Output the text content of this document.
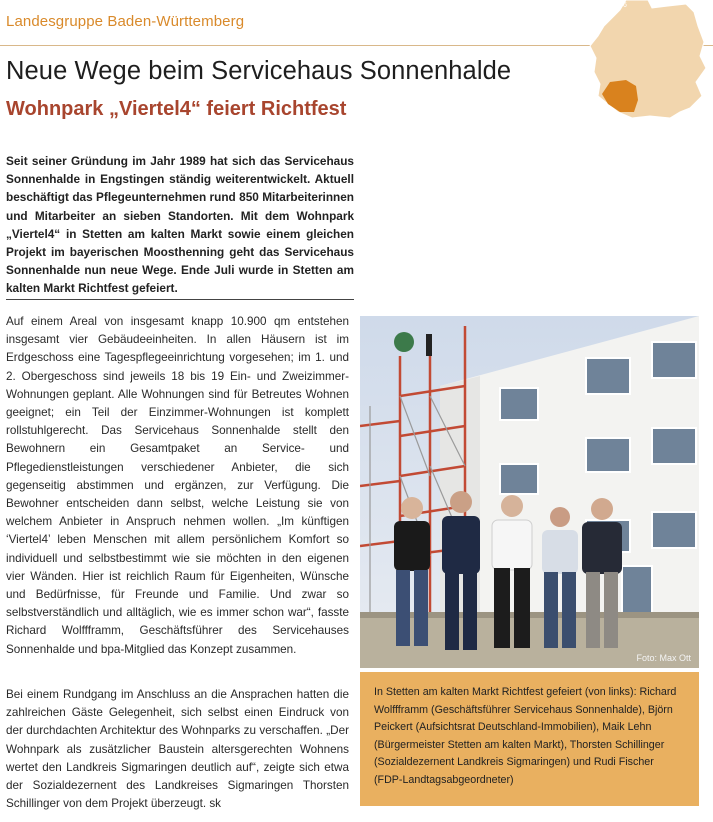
Landesgruppe Baden-Württemberg
6
Neue Wege beim Servicehaus Sonnenhalde
Wohnpark „Viertel4“ feiert Richtfest

Seit seiner Gründung im Jahr 1989 hat sich das Servicehaus Sonnenhalde in Engstingen ständig weiterentwickelt. Aktuell beschäftigt das Pflegeunternehmen rund 850 Mitarbeiterinnen und Mitarbeiter an sieben Standorten. Mit dem Wohnpark „Viertel4“ in Stetten am kalten Markt sowie einem gleichen Projekt im bayerischen Moosthenning geht das Servicehaus Sonnenhalde nun neue Wege. Ende Juli wurde in Stetten am kalten Markt Richtfest gefeiert.

Auf einem Areal von insgesamt knapp 10.900 qm entstehen insgesamt vier Gebäudeeinheiten. In allen Häusern ist im Erdgeschoss eine Tagespflegeeinrichtung vorgesehen; im 1. und 2. Obergeschoss sind jeweils 18 bis 19 Ein- und Zweizimmer-Wohnungen geplant. Alle Wohnungen sind für Betreutes Wohnen geeignet; ein Teil der Einzimmer-Wohnungen ist komplett rollstuhlgerecht. Das Servicehaus Sonnenhalde stellt den Bewohnern ein Gesamtpaket an Service- und Pflegedienstleistungen verschiedener Anbieter, die sich gegenseitig abstimmen und ergänzen, zur Verfügung. Die Bewohner entscheiden dann selbst, welche Leistung sie von welchem Anbieter in Anspruch nehmen wollen. „Im künftigen ‘Viertel4’ leben Menschen mit allem persönlichem Komfort so individuell und selbstbestimmt wie sie möchten in den eigenen vier Wänden. Hier ist reichlich Raum für Eigenheiten, Wünsche und Bedürfnisse, für Freunde und Familie. Und zwar so selbstverständlich und alltäglich, wie es immer schon war“, fasste Richard Wolffframm, Geschäftsführer des Servicehauses Sonnenhalde und bpa-Mitglied das Konzept zusammen.

Bei einem Rundgang im Anschluss an die Ansprachen hatten die zahlreichen Gäste Gelegenheit, sich selbst einen Eindruck von der durchdachten Architektur des Wohnparks zu verschaffen. „Der Wohnpark als zusätzlicher Baustein altersgerechten Wohnens wertet den Landkreis Sigmaringen deutlich auf“, zeigte sich etwa der Sozialdezernent des Landkreises Sigmaringen Thorsten Schillinger von dem Projekt überzeugt. sk

Foto: Max Ott
In Stetten am kalten Markt Richtfest gefeiert (von links): Richard Wolffframm (Geschäftsführer Servicehaus Sonnenhalde), Björn Peickert (Aufsichtsrat Deutschland-Immobilien), Maik Lehn (Bürgermeister Stetten am kalten Markt), Thorsten Schillinger (Sozialdezernent Landkreis Sigmaringen) und Rudi Fischer (FDP-Landtagsabgeordneter)
